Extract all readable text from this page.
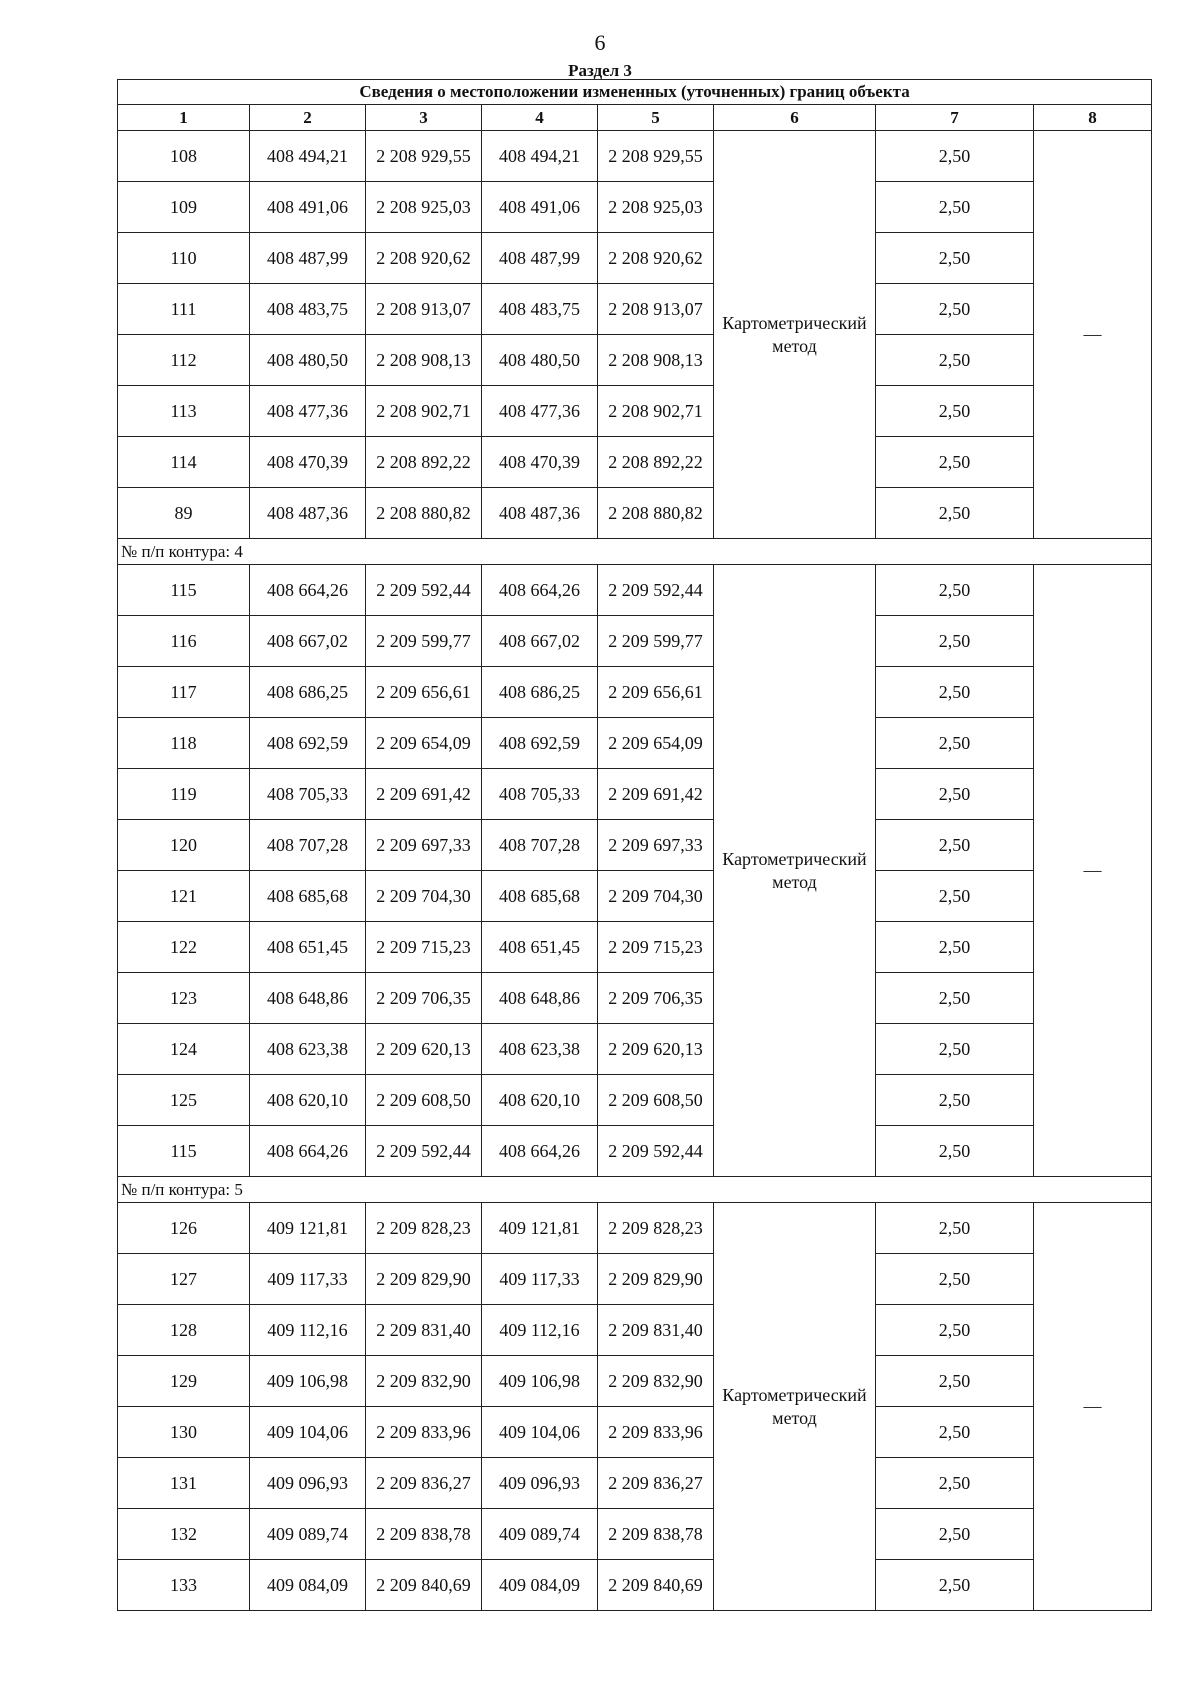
6
Раздел 3
Сведения о местоположении измененных (уточненных) границ объекта							
1	2	3	4	5	6	7	8
108	408 494,21	2 208 929,55	408 494,21	2 208 929,55	Картометрический метод	2,50	—
109	408 491,06	2 208 925,03	408 491,06	2 208 925,03		2,50	
110	408 487,99	2 208 920,62	408 487,99	2 208 920,62		2,50	
111	408 483,75	2 208 913,07	408 483,75	2 208 913,07		2,50	
112	408 480,50	2 208 908,13	408 480,50	2 208 908,13		2,50	
113	408 477,36	2 208 902,71	408 477,36	2 208 902,71		2,50	
114	408 470,39	2 208 892,22	408 470,39	2 208 892,22		2,50	
89	408 487,36	2 208 880,82	408 487,36	2 208 880,82		2,50	
№ п/п контура: 4							
115	408 664,26	2 209 592,44	408 664,26	2 209 592,44	Картометрический метод	2,50	—
116	408 667,02	2 209 599,77	408 667,02	2 209 599,77		2,50	
117	408 686,25	2 209 656,61	408 686,25	2 209 656,61		2,50	
118	408 692,59	2 209 654,09	408 692,59	2 209 654,09		2,50	
119	408 705,33	2 209 691,42	408 705,33	2 209 691,42		2,50	
120	408 707,28	2 209 697,33	408 707,28	2 209 697,33		2,50	
121	408 685,68	2 209 704,30	408 685,68	2 209 704,30		2,50	
122	408 651,45	2 209 715,23	408 651,45	2 209 715,23		2,50	
123	408 648,86	2 209 706,35	408 648,86	2 209 706,35		2,50	
124	408 623,38	2 209 620,13	408 623,38	2 209 620,13		2,50	
125	408 620,10	2 209 608,50	408 620,10	2 209 608,50		2,50	
115	408 664,26	2 209 592,44	408 664,26	2 209 592,44		2,50	
№ п/п контура: 5							
126	409 121,81	2 209 828,23	409 121,81	2 209 828,23	Картометрический метод	2,50	—
127	409 117,33	2 209 829,90	409 117,33	2 209 829,90		2,50	
128	409 112,16	2 209 831,40	409 112,16	2 209 831,40		2,50	
129	409 106,98	2 209 832,90	409 106,98	2 209 832,90		2,50	
130	409 104,06	2 209 833,96	409 104,06	2 209 833,96		2,50	
131	409 096,93	2 209 836,27	409 096,93	2 209 836,27		2,50	
132	409 089,74	2 209 838,78	409 089,74	2 209 838,78		2,50	
133	409 084,09	2 209 840,69	409 084,09	2 209 840,69		2,50	
